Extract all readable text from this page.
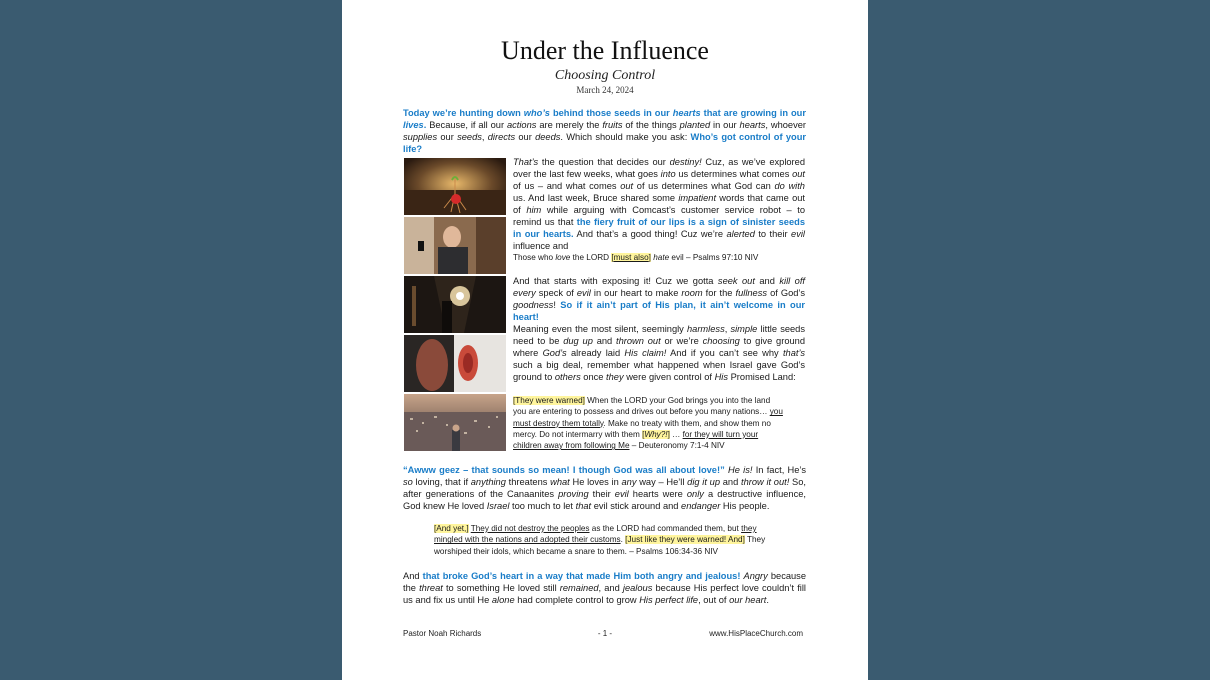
Under the Influence
Choosing Control
March 24, 2024
Today we’re hunting down who’s behind those seeds in our hearts that are growing in our lives. Because, if all our actions are merely the fruits of the things planted in our hearts, whoever supplies our seeds, directs our deeds. Which should make you ask: Who’s got control of your life?
That’s the question that decides our destiny! Cuz, as we’ve explored over the last few weeks, what goes into us determines what comes out of us – and what comes out of us determines what God can do with us. And last week, Bruce shared some impatient words that came out of him while arguing with Comcast’s customer service robot – to remind us that the fiery fruit of our lips is a sign of sinister seeds in our hearts. And that’s a good thing! Cuz we’re alerted to their evil influence and
Those who love the LORD [must also] hate evil – Psalms 97:10 NIV
And that starts with exposing it! Cuz we gotta seek out and kill off every speck of evil in our heart to make room for the fullness of God’s goodness! So if it ain’t part of His plan, it ain’t welcome in our heart!
Meaning even the most silent, seemingly harmless, simple little seeds need to be dug up and thrown out or we’re choosing to give ground where God’s already laid His claim! And if you can’t see why that’s such a big deal, remember what happened when Israel gave God’s ground to others once they were given control of His Promised Land:
[They were warned] When the LORD your God brings you into the land you are entering to possess and drives out before you many nations… you must destroy them totally. Make no treaty with them, and show them no mercy. Do not intermarry with them [Why?!] … for they will turn your children away from following Me – Deuteronomy 7:1-4 NIV
“Awww geez – that sounds so mean! I though God was all about love!” He is! In fact, He’s so loving, that if anything threatens what He loves in any way – He’ll dig it up and throw it out! So, after generations of the Canaanites proving their evil hearts were only a destructive influence, God knew He loved Israel too much to let that evil stick around and endanger His people.
[And yet,] They did not destroy the peoples as the LORD had commanded them, but they mingled with the nations and adopted their customs. [Just like they were warned! And] They worshiped their idols, which became a snare to them. – Psalms 106:34-36 NIV
And that broke God’s heart in a way that made Him both angry and jealous! Angry because the threat to something He loved still remained, and jealous because His perfect love couldn’t fill us and fix us until He alone had complete control to grow His perfect life, out of our heart.
Pastor Noah Richards	- 1 -	www.HisPlaceChurch.com
